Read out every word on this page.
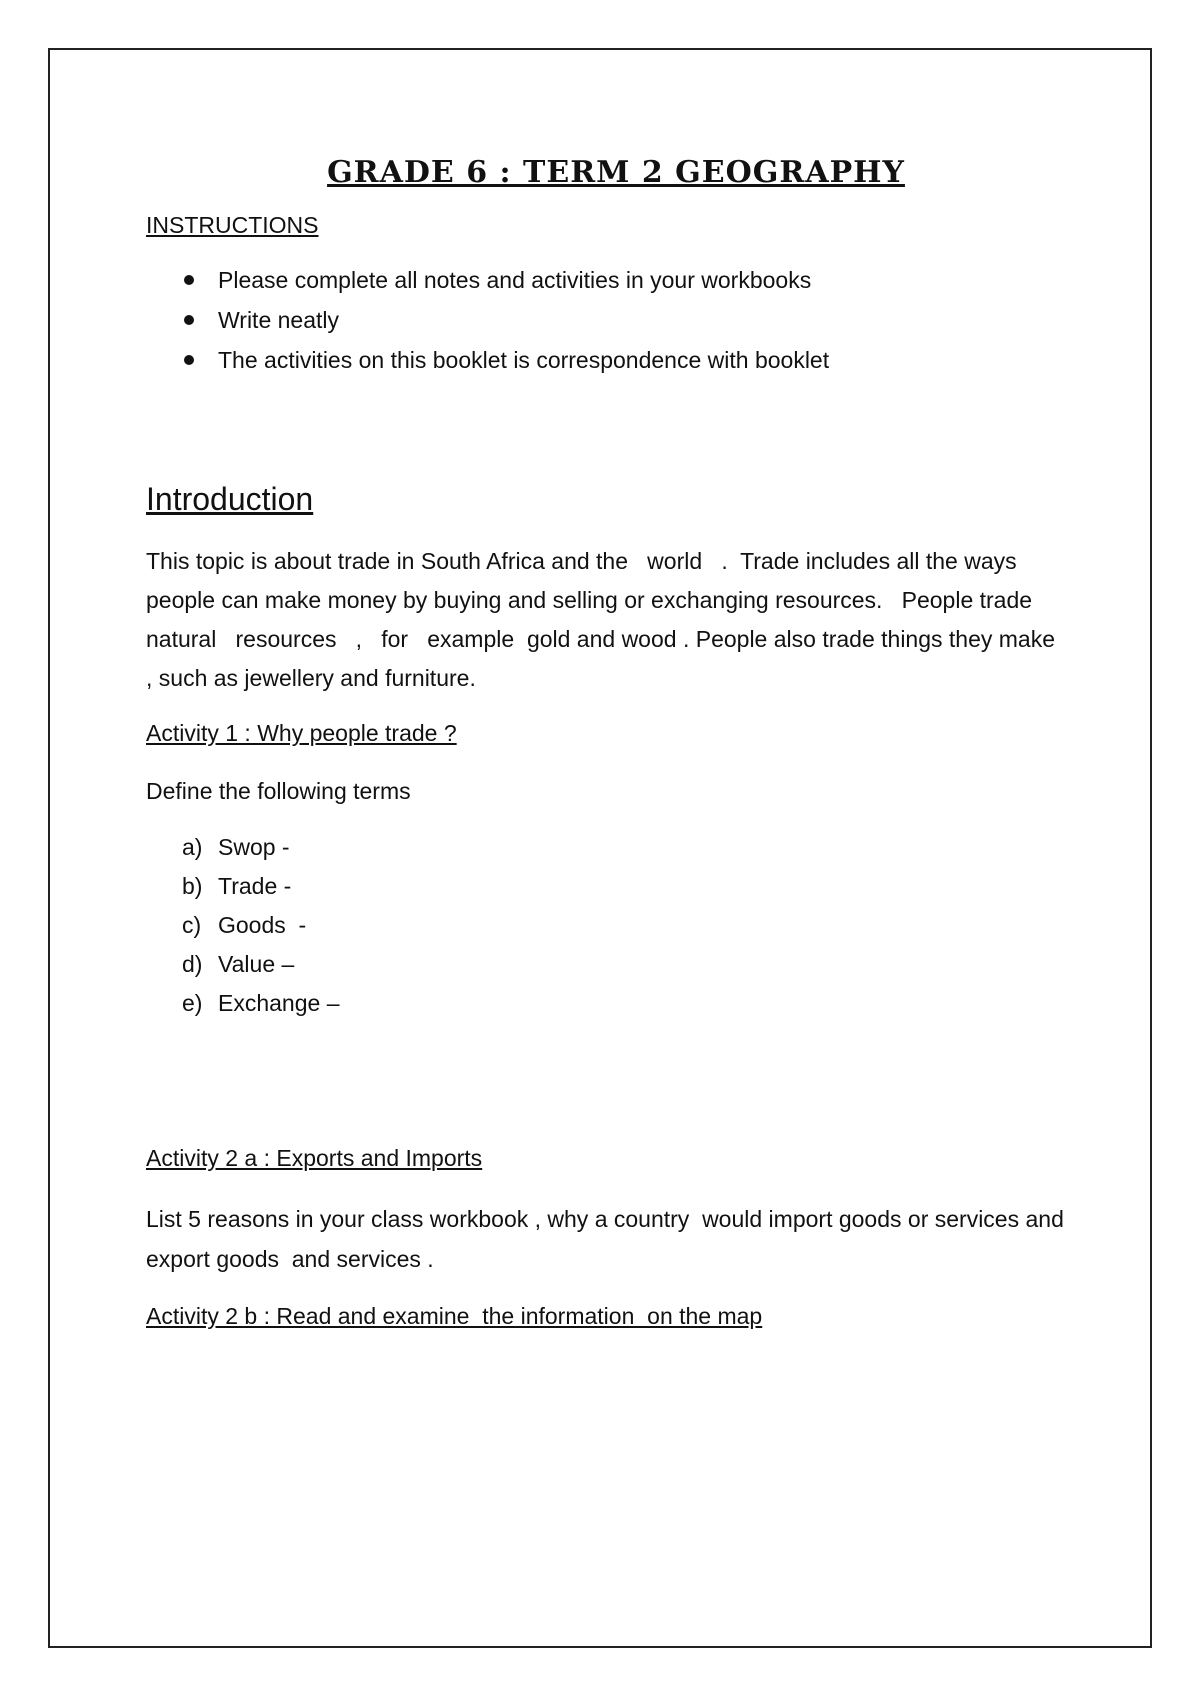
GRADE 6 : TERM 2 GEOGRAPHY
INSTRUCTIONS
Please complete all notes and activities in your workbooks
Write neatly
The activities on this booklet is correspondence with booklet
Introduction
This topic is about trade in South Africa and the   world   .  Trade includes all the ways people can make money by buying and selling or exchanging resources.   People trade natural   resources   ,   for   example  gold and wood . People also trade things they make   , such as jewellery and furniture.
Activity 1 : Why people trade ?
Define the following terms
a) Swop -
b) Trade -
c) Goods  -
d) Value –
e) Exchange –
Activity 2 a : Exports and Imports
List 5 reasons in your class workbook , why a country  would import goods or services and export goods  and services .
Activity 2 b : Read and examine  the information  on the map
